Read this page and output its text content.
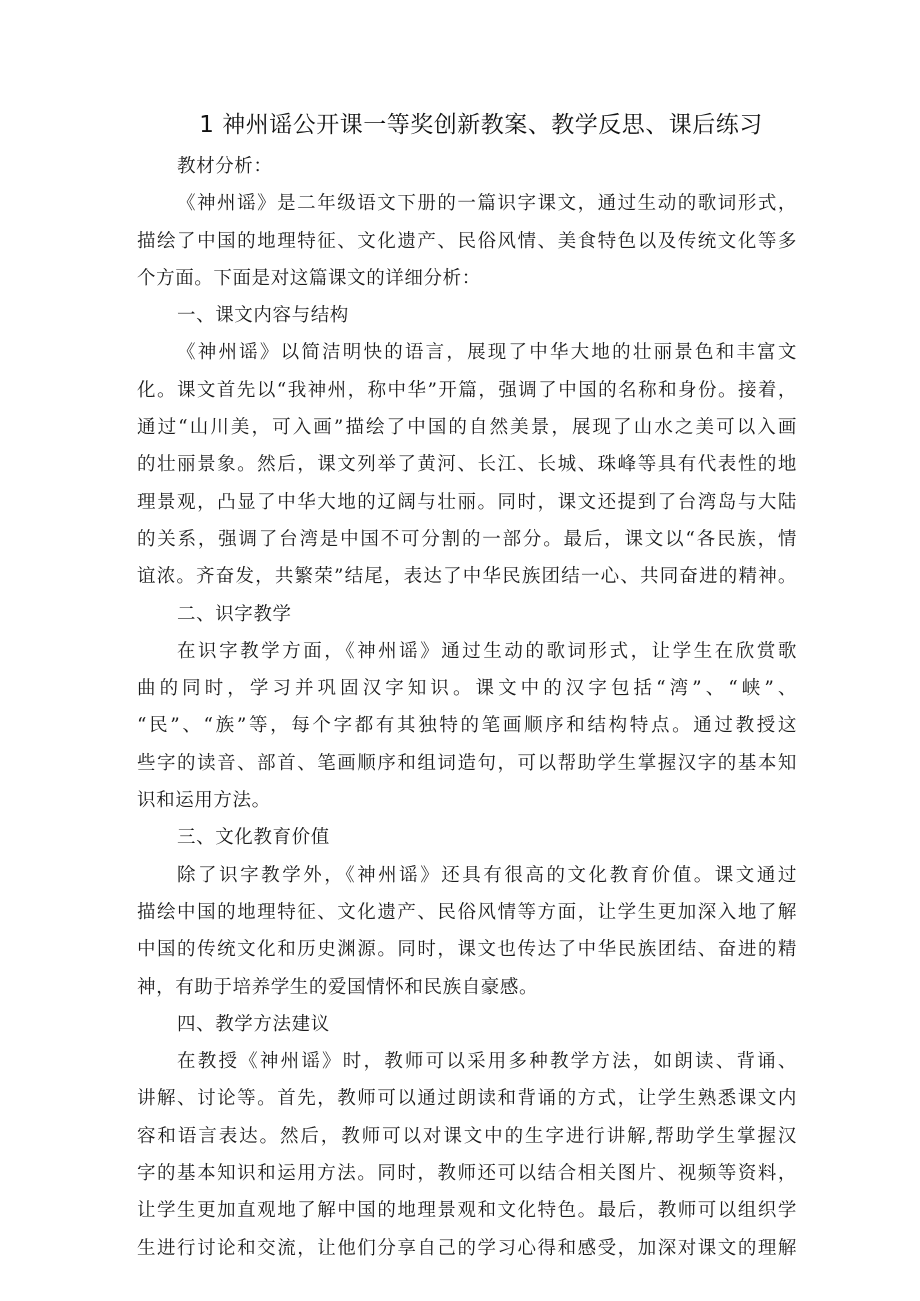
1 神州谣公开课一等奖创新教案、教学反思、课后练习
教材分析：
《神州谣》是二年级语文下册的一篇识字课文，通过生动的歌词形式，
描绘了中国的地理特征、文化遗产、民俗风情、美食特色以及传统文化等多
个方面。下面是对这篇课文的详细分析：
一、课文内容与结构
《神州谣》以简洁明快的语言，展现了中华大地的壮丽景色和丰富文
化。课文首先以“我神州，称中华”开篇，强调了中国的名称和身份。接着，
通过“山川美，可入画”描绘了中国的自然美景，展现了山水之美可以入画
的壮丽景象。然后，课文列举了黄河、长江、长城、珠峰等具有代表性的地
理景观，凸显了中华大地的辽阔与壮丽。同时，课文还提到了台湾岛与大陆
的关系，强调了台湾是中国不可分割的一部分。最后，课文以“各民族，情
谊浓。齐奋发，共繁荣”结尾，表达了中华民族团结一心、共同奋进的精神。
二、识字教学
在识字教学方面，《神州谣》通过生动的歌词形式，让学生在欣赏歌
曲的同时，学习并巩固汉字知识。课文中的汉字包括“湾”、“峡”、
“民”、“族”等，每个字都有其独特的笔画顺序和结构特点。通过教授这
些字的读音、部首、笔画顺序和组词造句，可以帮助学生掌握汉字的基本知
识和运用方法。
三、文化教育价值
除了识字教学外，《神州谣》还具有很高的文化教育价值。课文通过
描绘中国的地理特征、文化遗产、民俗风情等方面，让学生更加深入地了解
中国的传统文化和历史渊源。同时，课文也传达了中华民族团结、奋进的精
神，有助于培养学生的爱国情怀和民族自豪感。
四、教学方法建议
在教授《神州谣》时，教师可以采用多种教学方法，如朗读、背诵、
讲解、讨论等。首先，教师可以通过朗读和背诵的方式，让学生熟悉课文内
容和语言表达。然后，教师可以对课文中的生字进行讲解,帮助学生掌握汉
字的基本知识和运用方法。同时，教师还可以结合相关图片、视频等资料，
让学生更加直观地了解中国的地理景观和文化特色。最后，教师可以组织学
生进行讨论和交流，让他们分享自己的学习心得和感受，加深对课文的理解
